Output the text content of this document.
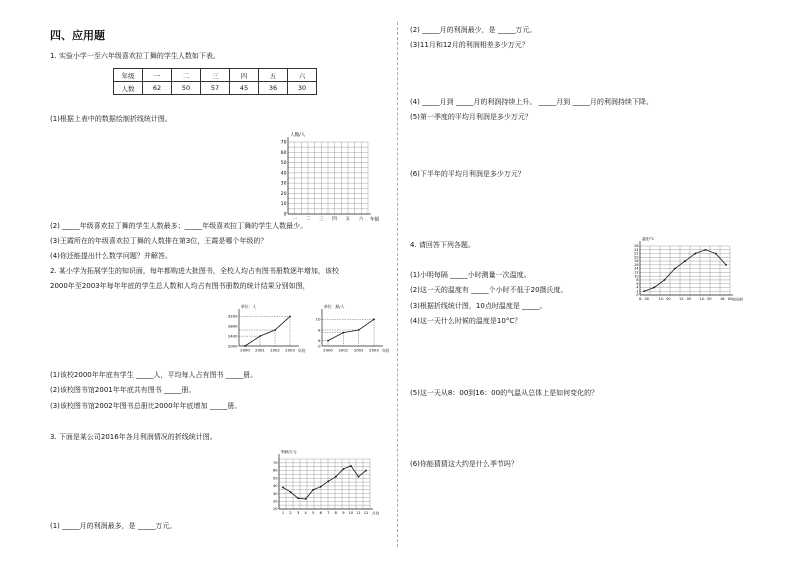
四、应用题
1. 实验小学一至六年级喜欢拉丁舞的学生人数如下表。
年级	一	二	三	四	五	六
人数	62	50	57	45	36	30
(1)根据上表中的数据绘制折线统计图。
人数/人
年级
0
10
20
30
40
50
60
70
一 二 三 四 五 六
(2) _____年级喜欢拉丁舞的学生人数最多；_____年级喜欢拉丁舞的学生人数最少。
(3)王霞所在的年级喜欢拉丁舞的人数排在第3位，王霞是哪个年级的？
(4)你还能提出什么数学问题？并解答。
2. 某小学为拓展学生的知识面，每年都购进大批图书，全校人均占有图书册数逐年增加，该校
2000年至2003年每年年底的学生总人数和人均占有图书册数的统计结果分别如图，
单位：人
年份
2000
2400
2800
3200
2000 2001 2002 2003
单位：册/人
年份
0
6
8
10
2000 2001 2002 2003
(1)该校2000年年底有学生 _____人，平均每人占有图书 _____册。
(2)该校图书馆2001年年底共有图书 _____册。
(3)该校图书馆2002年图书总册比2000年年底增加 _____册。
3. 下面是某公司2016年各月利润情况的折线统计图。
利润/万元
月份
10
20
30
40
50
60
70
1 2 3 4 5 6 7 8 9 10 11 12
(1) _____月的利润最多，是 _____万元。
(2) _____月的利润最少，是 _____万元。
(3)11月和12月的利润相差多少万元？
(4) _____月到 _____月的利润持续上升。 _____月到 _____月的利润持续下降。
(5)第一季度的平均月利润是多少万元？
(6)下半年的平均月利润是多少万元？
4. 请回答下列各题。
温度/°C
时间/时
0
2
4
6
8
10
12
14
16
18
20
22
24
26
8：00	10：00 12：00 14：00 16：00
(1)小明每隔 _____小时测量一次温度。
(2)这一天的温度有 _____个小时不低于20摄氏度。
(3)根据折线统计图，10点时温度是 _____。
(4)这一天什么时候的温度是10°C？
(5)这一天从8：00到16：00的气温从总体上是如何变化的？
(6)你能猜猜这大约是什么季节吗？
